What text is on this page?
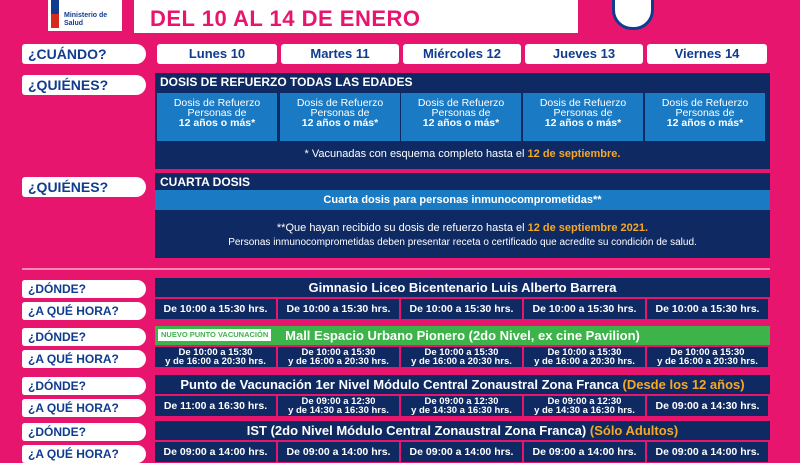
Ministerio de Salud	DEL 10 AL 14 DE ENERO
¿CUÁNDO?	Lunes 10	Martes 11	Miércoles 12	Jueves 13	Viernes 14
¿QUIÉNES?	DOSIS DE REFUERZO TODAS LAS EDADES
Dosis de Refuerzo
Personas de
12 años o más*
Dosis de Refuerzo
Personas de
12 años o más*
Dosis de Refuerzo
Personas de
12 años o más*
Dosis de Refuerzo
Personas de
12 años o más*
Dosis de Refuerzo
Personas de
12 años o más*
* Vacunadas con esquema completo hasta el 12 de septiembre.
¿QUIÉNES?	CUARTA DOSIS
Cuarta dosis para personas inmunocomprometidas**
**Que hayan recibido su dosis de refuerzo hasta el 12 de septiembre 2021.
Personas inmunocomprometidas deben presentar receta o certificado que acredite su condición de salud.
¿DÓNDE?
¿A QUÉ HORA?
Gimnasio Liceo Bicentenario Luis Alberto Barrera
De 10:00 a 15:30 hrs.	De 10:00 a 15:30 hrs.	De 10:00 a 15:30 hrs.	De 10:00 a 15:30 hrs.	De 10:00 a 15:30 hrs.
¿DÓNDE?
¿A QUÉ HORA?
NUEVO PUNTO VACUNACIÓN Mall Espacio Urbano Pionero (2do Nivel, ex cine Pavilion)
De 10:00 a 15:30
y de 16:00 a 20:30 hrs.
De 10:00 a 15:30
y de 16:00 a 20:30 hrs.
De 10:00 a 15:30
y de 16:00 a 20:30 hrs.
De 10:00 a 15:30
y de 16:00 a 20:30 hrs.
De 10:00 a 15:30
y de 16:00 a 20:30 hrs.
¿DÓNDE?
¿A QUÉ HORA?
Punto de Vacunación 1er Nivel Módulo Central Zonaustral Zona Franca (Desde los 12 años)
De 11:00 a 16:30 hrs.	De 09:00 a 12:30
y de 14:30 a 16:30 hrs.
De 09:00 a 12:30
y de 14:30 a 16:30 hrs.
De 09:00 a 12:30
y de 14:30 a 16:30 hrs.	De 09:00 a 14:30 hrs.
¿DÓNDE?
¿A QUÉ HORA?
IST (2do Nivel Módulo Central Zonaustral Zona Franca) (Sólo Adultos)
De 09:00 a 14:00 hrs.	De 09:00 a 14:00 hrs.	De 09:00 a 14:00 hrs.	De 09:00 a 14:00 hrs.	De 09:00 a 14:00 hrs.
